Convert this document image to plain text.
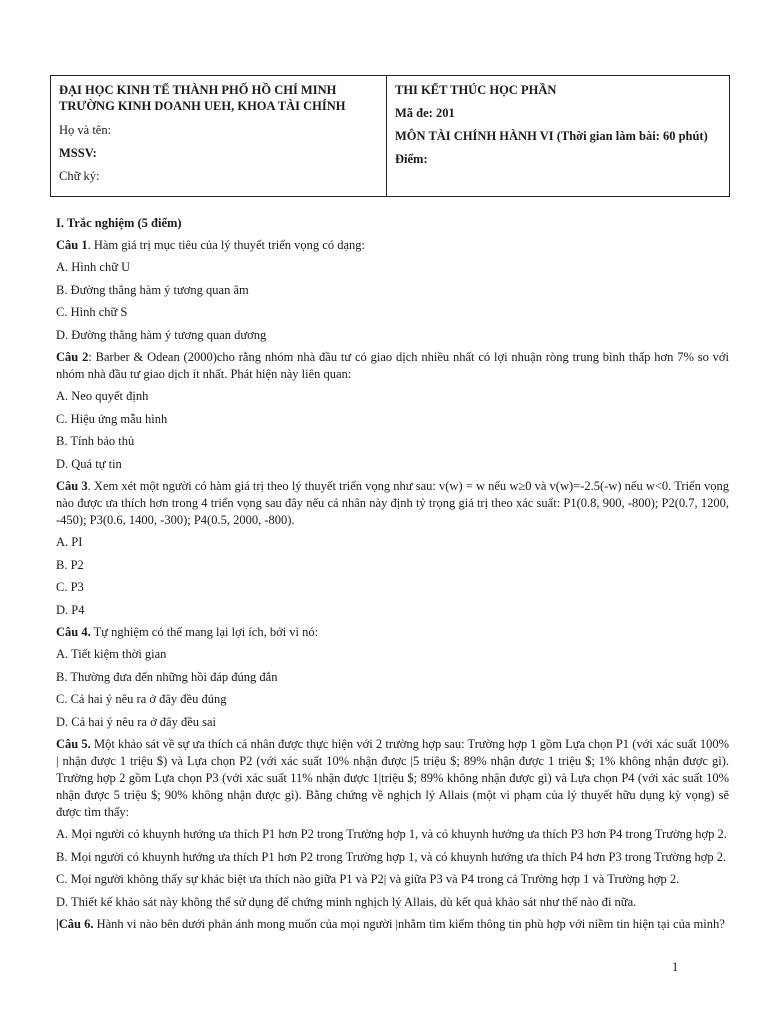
ĐẠI HỌC KINH TẾ THÀNH PHỐ HỒ CHÍ MINH TRƯỜNG KINH DOANH UEH, KHOA TÀI CHÍNH
Họ và tên:
MSSV:
Chữ ký:
THI KẾT THÚC HỌC PHẦN
Mã đe: 201
MÔN TÀI CHÍNH HÀNH VI (Thời gian làm bài: 60 phút)
Điểm:
I. Trắc nghiệm (5 điểm)
Câu 1. Hàm giá trị mục tiêu của lý thuyết triển vọng có dạng:
A. Hình chữ U
B. Đường thẳng hàm ý tương quan âm
C. Hình chữ S
D. Đường thẳng hàm ý tương quan dương
Câu 2: Barber & Odean (2000)cho rằng nhóm nhà đầu tư có giao dịch nhiều nhất có lợi nhuận ròng trung bình thấp hơn 7% so với nhóm nhà đầu tư giao dịch ít nhất. Phát hiện này liên quan:
A. Neo quyết định
C. Hiệu ứng mẫu hình
B. Tính bảo thủ
D. Quá tự tin
Câu 3. Xem xét một người có hàm giá trị theo lý thuyết triển vọng như sau: v(w) = w nếu w≥0 và v(w)=-2.5(-w) nếu w<0. Triển vọng nào được ưa thích hơn trong 4 triển vọng sau đây nếu cá nhân này định tỷ trọng giá trị theo xác suất: P1(0.8, 900, -800); P2(0.7, 1200, -450); P3(0.6, 1400, -300); P4(0.5, 2000, -800).
A. PI
B. P2
C. P3
D. P4
Câu 4. Tự nghiệm có thể mang lại lợi ích, bởi vì nó:
A. Tiết kiệm thời gian
B. Thường đưa đến những hồi đáp đúng đắn
C. Cả hai ý nêu ra ở đây đều đúng
D. Cả hai ý nêu ra ở đây đều sai
Câu 5. Một khảo sát về sự ưa thích cá nhân được thực hiện với 2 trường hợp sau: Trường hợp 1 gồm Lựa chọn P1 (với xác suất 100% | nhận được 1 triệu $) và Lựa chọn P2 (với xác suất 10% nhận được |5 triệu $; 89% nhận được 1 triệu $; 1% không nhận được gì). Trường hợp 2 gồm Lựa chọn P3 (với xác suất 11% nhận được 1|triệu $; 89% không nhận được gì) và Lựa chọn P4 (với xác suất 10% nhận được 5 triệu $; 90% không nhận được gì). Bằng chứng về nghịch lý Allais (một vi phạm của lý thuyết hữu dụng kỳ vọng) sẽ được tìm thấy:
A. Mọi người có khuynh hướng ưa thích P1 hơn P2 trong Trường hợp 1, và có khuynh hướng ưa thích P3 hơn P4 trong Trường hợp 2.
B. Mọi người có khuynh hướng ưa thích P1 hơn P2 trong Trường hợp 1, và có khuynh hướng ưa thích P4 hơn P3 trong Trường hợp 2.
C. Mọi người không thấy sự khác biệt ưa thích nào giữa P1 và P2| và giữa P3 và P4 trong cả Trường hợp 1 và Trường hợp 2.
D. Thiết kế khảo sát này không thể sử dụng để chứng minh nghịch lý Allais, dù kết quả khảo sát như thế nào đi nữa.
|Câu 6. Hành vi nào bên dưới phản ánh mong muốn của mọi người |nhằm tìm kiếm thông tin phù hợp với niềm tin hiện tại của mình?
1
